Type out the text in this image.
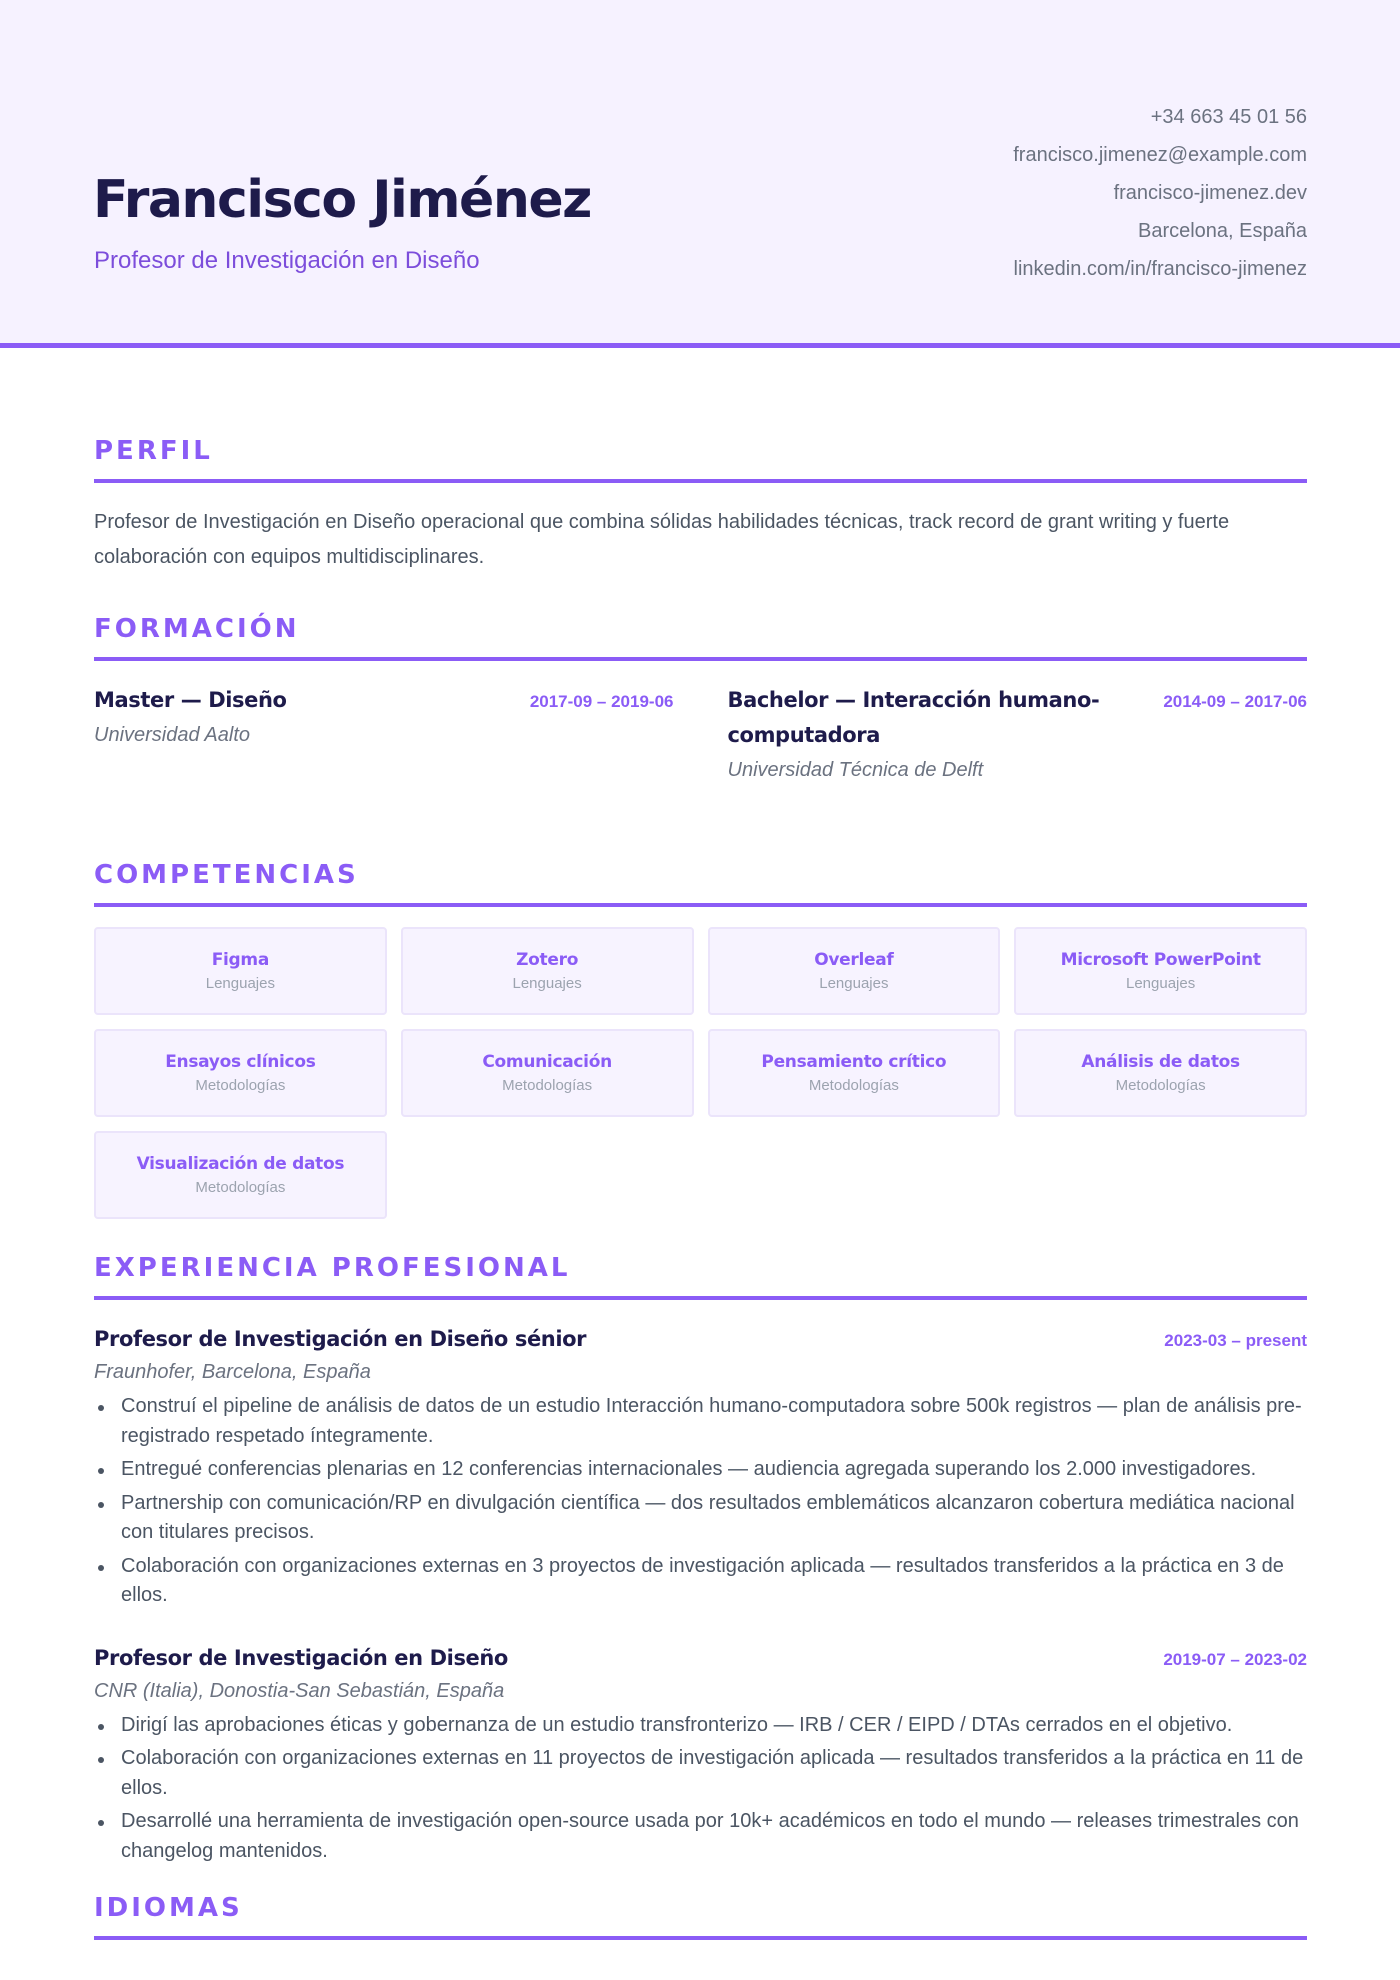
Francisco Jiménez
Profesor de Investigación en Diseño
+34 663 45 01 56
francisco.jimenez@example.com
francisco-jimenez.dev
Barcelona, España
linkedin.com/in/francisco-jimenez
PERFIL

Profesor de Investigación en Diseño operacional que combina sólidas habilidades técnicas, track record de grant writing y fuerte colaboración con equipos multidisciplinares.

FORMACIÓN
Master — Diseño
Universidad Aalto
2017-09 – 2019-06	Bachelor — Interacción humano-computadora
Universidad Técnica de Delft
2014-09 – 2017-06
COMPETENCIAS
Figma
Lenguajes
Zotero
Lenguajes
Overleaf
Lenguajes
Microsoft PowerPoint
Lenguajes
Ensayos clínicos
Metodologías
Comunicación
Metodologías
Pensamiento crítico
Metodologías
Análisis de datos
Metodologías
Visualización de datos
Metodologías
EXPERIENCIA PROFESIONAL
Profesor de Investigación en Diseño sénior	2023-03 – present
Fraunhofer, Barcelona, España
Construí el pipeline de análisis de datos de un estudio Interacción humano-computadora sobre 500k registros — plan de análisis pre-registrado respetado íntegramente.
Entregué conferencias plenarias en 12 conferencias internacionales — audiencia agregada superando los 2.000 investigadores.
Partnership con comunicación/RP en divulgación científica — dos resultados emblemáticos alcanzaron cobertura mediática nacional con titulares precisos.
Colaboración con organizaciones externas en 3 proyectos de investigación aplicada — resultados transferidos a la práctica en 3 de ellos.
Profesor de Investigación en Diseño	2019-07 – 2023-02
CNR (Italia), Donostia-San Sebastián, España
Dirigí las aprobaciones éticas y gobernanza de un estudio transfronterizo — IRB / CER / EIPD / DTAs cerrados en el objetivo.
Colaboración con organizaciones externas en 11 proyectos de investigación aplicada — resultados transferidos a la práctica en 11 de ellos.
Desarrollé una herramienta de investigación open-source usada por 10k+ académicos en todo el mundo — releases trimestrales con changelog mantenidos.
IDIOMAS
